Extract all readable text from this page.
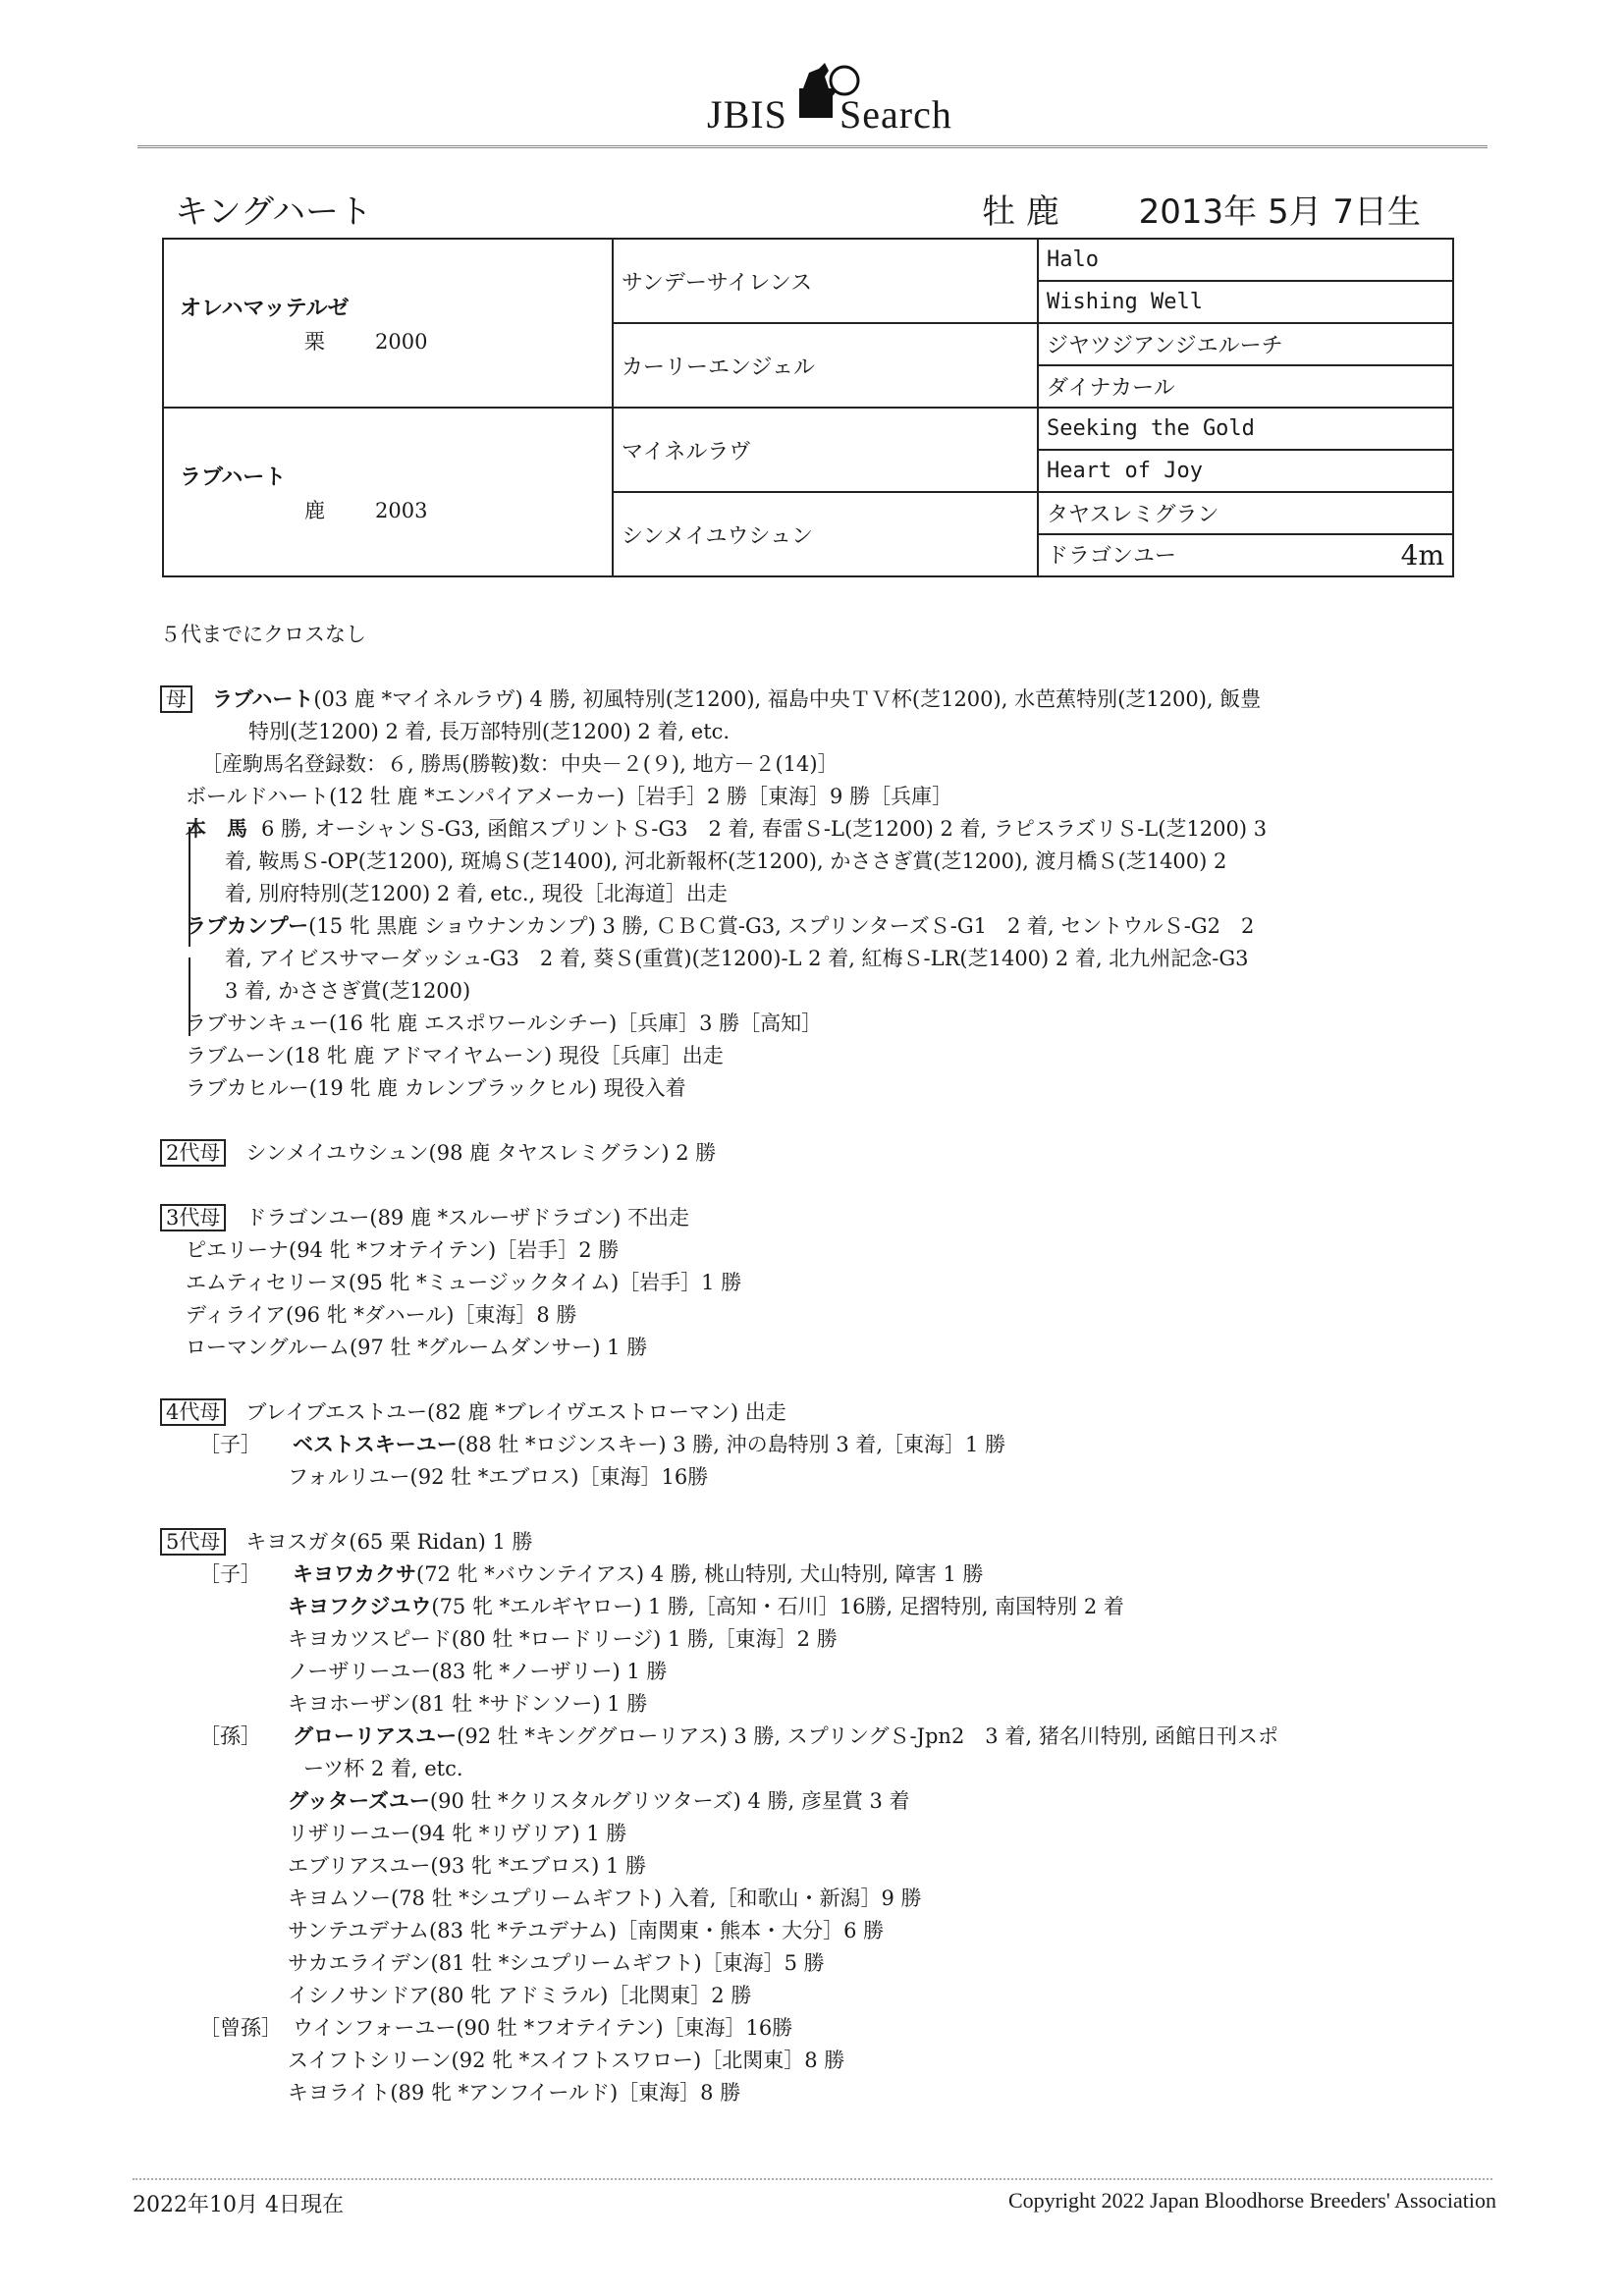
JBIS Search
キングハート	牡 鹿 2013年 5月 7日生
オレハマッテルゼ
栗 2000	サンデーサイレンス	Halo
		Wishing Well
	カーリーエンジェル	ジヤツジアンジエルーチ
		ダイナカール

ラブハート
鹿 2003	マイネルラヴ	Seeking the Gold
		Heart of Joy
	シンメイユウシュン	タヤスレミグラン
		ドラゴンユー 4m
５代までにクロスなし
母 ラブハート(03 鹿 *マイネルラヴ) 4 勝, 初風特別(芝1200), 福島中央ＴＶ杯(芝1200), 水芭蕉特別(芝1200), 飯豊
特別(芝1200) 2 着, 長万部特別(芝1200) 2 着, etc.
［産駒馬名登録数：６, 勝馬(勝鞍)数：中央－２(９), 地方－２(14)］
ボールドハート(12 牡 鹿 *エンパイアメーカー)［岩手］2 勝［東海］9 勝［兵庫］
本　馬 6 勝, オーシャンＳ-G3, 函館スプリントＳ-G3　2 着, 春雷Ｓ-L(芝1200) 2 着, ラピスラズリＳ-L(芝1200) 3
着, 鞍馬Ｓ-OP(芝1200), 斑鳩Ｓ(芝1400), 河北新報杯(芝1200), かささぎ賞(芝1200), 渡月橋Ｓ(芝1400) 2
着, 別府特別(芝1200) 2 着, etc., 現役［北海道］出走
ラブカンプー(15 牝 黒鹿 ショウナンカンプ) 3 勝, ＣＢＣ賞-G3, スプリンターズＳ-G1　2 着, セントウルＳ-G2　2
着, アイビスサマーダッシュ-G3　2 着, 葵Ｓ(重賞)(芝1200)-L 2 着, 紅梅Ｓ-LR(芝1400) 2 着, 北九州記念-G3
3 着, かささぎ賞(芝1200)
ラブサンキュー(16 牝 鹿 エスポワールシチー)［兵庫］3 勝［高知］
ラブムーン(18 牝 鹿 アドマイヤムーン) 現役［兵庫］出走
ラブカヒルー(19 牝 鹿 カレンブラックヒル) 現役入着
2代母 シンメイユウシュン(98 鹿 タヤスレミグラン) 2 勝
3代母 ドラゴンユー(89 鹿 *スルーザドラゴン) 不出走
ピエリーナ(94 牝 *フオテイテン)［岩手］2 勝
エムティセリーヌ(95 牝 *ミュージックタイム)［岩手］1 勝
ディライア(96 牝 *ダハール)［東海］8 勝
ローマングルーム(97 牡 *グルームダンサー) 1 勝
4代母 ブレイブエストユー(82 鹿 *ブレイヴエストローマン) 出走
［子］ ベストスキーユー(88 牡 *ロジンスキー) 3 勝, 沖の島特別 3 着,［東海］1 勝
フォルリユー(92 牡 *エブロス)［東海］16勝
5代母 キヨスガタ(65 栗 Ridan) 1 勝
［子］ キヨワカクサ(72 牝 *バウンテイアス) 4 勝, 桃山特別, 犬山特別, 障害 1 勝
キヨフクジユウ(75 牝 *エルギヤロー) 1 勝,［高知・石川］16勝, 足摺特別, 南国特別 2 着
キヨカツスピード(80 牡 *ロードリージ) 1 勝,［東海］2 勝
ノーザリーユー(83 牝 *ノーザリー) 1 勝
キヨホーザン(81 牡 *サドンソー) 1 勝
［孫］ グローリアスユー(92 牡 *キンググローリアス) 3 勝, スプリングＳ-Jpn2　3 着, 猪名川特別, 函館日刊スポ
ーツ杯 2 着, etc.
グッターズユー(90 牡 *クリスタルグリツターズ) 4 勝, 彦星賞 3 着
リザリーユー(94 牝 *リヴリア) 1 勝
エブリアスユー(93 牝 *エブロス) 1 勝
キヨムソー(78 牡 *シユプリームギフト) 入着,［和歌山・新潟］9 勝
サンテユデナム(83 牝 *テユデナム)［南関東・熊本・大分］6 勝
サカエライデン(81 牡 *シユプリームギフト)［東海］5 勝
イシノサンドア(80 牝 アドミラル)［北関東］2 勝
［曾孫］ ウインフォーユー(90 牡 *フオテイテン)［東海］16勝
スイフトシリーン(92 牝 *スイフトスワロー)［北関東］8 勝
キヨライト(89 牝 *アンフイールド)［東海］8 勝
2022年10月 4日現在	Copyright 2022 Japan Bloodhorse Breeders' Association
